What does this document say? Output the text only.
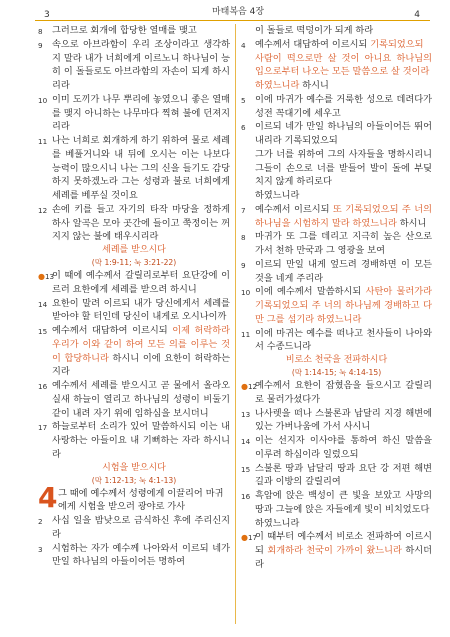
3	마태복음 4장	4
8 그러므로 회개에 합당한 열매를 맺고
9 속으로 아브라함이 우리 조상이라고 생각하지 말라 내가 너희에게 이르노니 하나님이 능히 이 돌들로도 아브라함의 자손이 되게 하시리라
10 이미 도끼가 나무 뿌리에 놓였으니 좋은 열매를 맺지 아니하는 나무마다 찍혀 불에 던져지리라
11 나는 너희로 회개하게 하기 위하여 물로 세례를 베풀거니와 내 뒤에 오시는 이는 나보다 능력이 많으시니 나는 그의 신을 들기도 감당하지 못하겠노라 그는 성령과 불로 너희에게 세례를 베푸실 것이요
12 손에 키를 들고 자기의 타작 마당을 정하게 하사 알곡은 모아 곳간에 들이고 쭉정이는 꺼지지 않는 불에 태우시리라
세례를 받으시다
(막 1:9-11; 눅 3:21-22)
●13
이 때에 예수께서 갈릴리로부터 요단강에 이르러 요한에게 세례를 받으려 하시니
14 요한이 말려 이르되 내가 당신에게서 세례를 받아야 할 터인데 당신이 내게로 오시나이까
15 예수께서 대답하여 이르시되 이제 허락하라 우리가 이와 같이 하여 모든 의를 이루는 것이 합당하니라 하시니 이에 요한이 허락하는지라
16 예수께서 세례를 받으시고 곧 물에서 올라오실새 하늘이 열리고 하나님의 성령이 비둘기같이 내려 자기 위에 임하심을 보시더니
17 하늘로부터 소리가 있어 말씀하시되 이는 내 사랑하는 아들이요 내 기뻐하는 자라 하시니라
시험을 받으시다
(막 1:12-13; 눅 4:1-13)
4 그 때에 예수께서 성령에게 이끌리어 마귀에게 시험을 받으러 광야로 가사
2 사십 일을 밤낮으로 금식하신 후에 주리신지라
3 시험하는 자가 예수께 나아와서 이르되 네가 만일 하나님의 아들이어든 명하여
이 돌들로 떡덩이가 되게 하라
4 예수께서 대답하여 이르시되 기록되었으되
사람이 떡으로만 살 것이 아니요 하나님의 입으로부터 나오는 모든 말씀으로 살 것이라
하였느니라 하시니
5 이에 마귀가 예수를 거룩한 성으로 데려다가 성전 꼭대기에 세우고
6 이르되 네가 만일 하나님의 아들이어든 뛰어내리라 기록되었으되
그가 너를 위하여 그의 사자들을 명하시리니 그들이 손으로 너를 받들어 발이 돌에 부딪치지 않게 하리로다
하였느니라
7 예수께서 이르시되 또 기록되었으되 주 너의 하나님을 시험하지 말라 하였느니라 하시니
8 마귀가 또 그를 데리고 지극히 높은 산으로 가서 천하 만국과 그 영광을 보여
9 이르되 만일 내게 엎드려 경배하면 이 모든 것을 네게 주리라
10 이에 예수께서 말씀하시되 사탄아 물러가라 기록되었으되 주 너의 하나님께 경배하고 다만 그를 섬기라 하였느니라
11 이에 마귀는 예수를 떠나고 천사들이 나아와서 수종드니라
비로소 천국을 전파하시다
(막 1:14-15; 눅 4:14-15)
●12
예수께서 요한이 잡혔음을 들으시고 갈릴리로 물러가셨다가
13 나사렛을 떠나 스불론과 납달리 지경 해변에 있는 가버나움에 가서 사시니
14 이는 선지자 이사야를 통하여 하신 말씀을 이루려 하심이라 일렀으되
15 스불론 땅과 납달리 땅과 요단 강 저편 해변 길과 이방의 갈릴리여
16 흑암에 앉은 백성이 큰 빛을 보았고 사망의 땅과 그늘에 앉은 자들에게 빛이 비치었도다
하였느니라
●17
이 때부터 예수께서 비로소 전파하여 이르시되 회개하라 천국이 가까이 왔느니라 하시더라
